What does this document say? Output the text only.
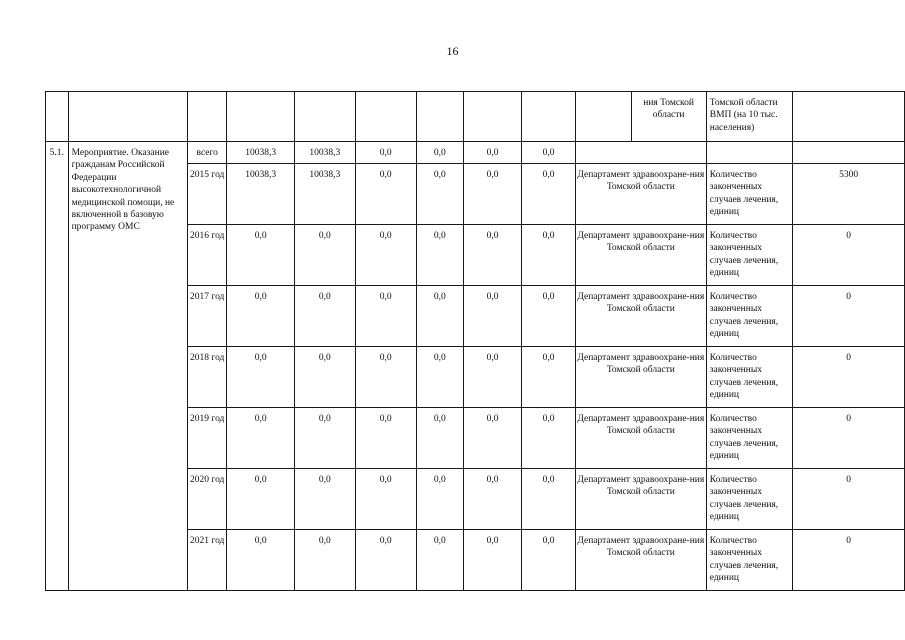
16
										ния Томской области	Томской области ВМП (на 10 тыс. населения)	
5.1.	Мероприятие. Оказание гражданам Российской Федерации высокотехнологичной медицинской помощи, не включенной в базовую программу ОМС	всего	10038,3	10038,3	0,0	0,0	0,0	0,0				
		2015 год	10038,3	10038,3	0,0	0,0	0,0	0,0	Департамент здравоохране-ния Томской области		Количество законченных случаев лечения, единиц	5300
		2016 год	0,0	0,0	0,0	0,0	0,0	0,0	Департамент здравоохране-ния Томской области		Количество законченных случаев лечения, единиц	0
		2017 год	0,0	0,0	0,0	0,0	0,0	0,0	Департамент здравоохране-ния Томской области		Количество законченных случаев лечения, единиц	0
		2018 год	0,0	0,0	0,0	0,0	0,0	0,0	Департамент здравоохране-ния Томской области		Количество законченных случаев лечения, единиц	0
		2019 год	0,0	0,0	0,0	0,0	0,0	0,0	Департамент здравоохране-ния Томской области		Количество законченных случаев лечения, единиц	0
		2020 год	0,0	0,0	0,0	0,0	0,0	0,0	Департамент здравоохране-ния Томской области		Количество законченных случаев лечения, единиц	0
		2021 год	0,0	0,0	0,0	0,0	0,0	0,0	Департамент здравоохране-ния Томской области		Количество законченных случаев лечения, единиц	0
